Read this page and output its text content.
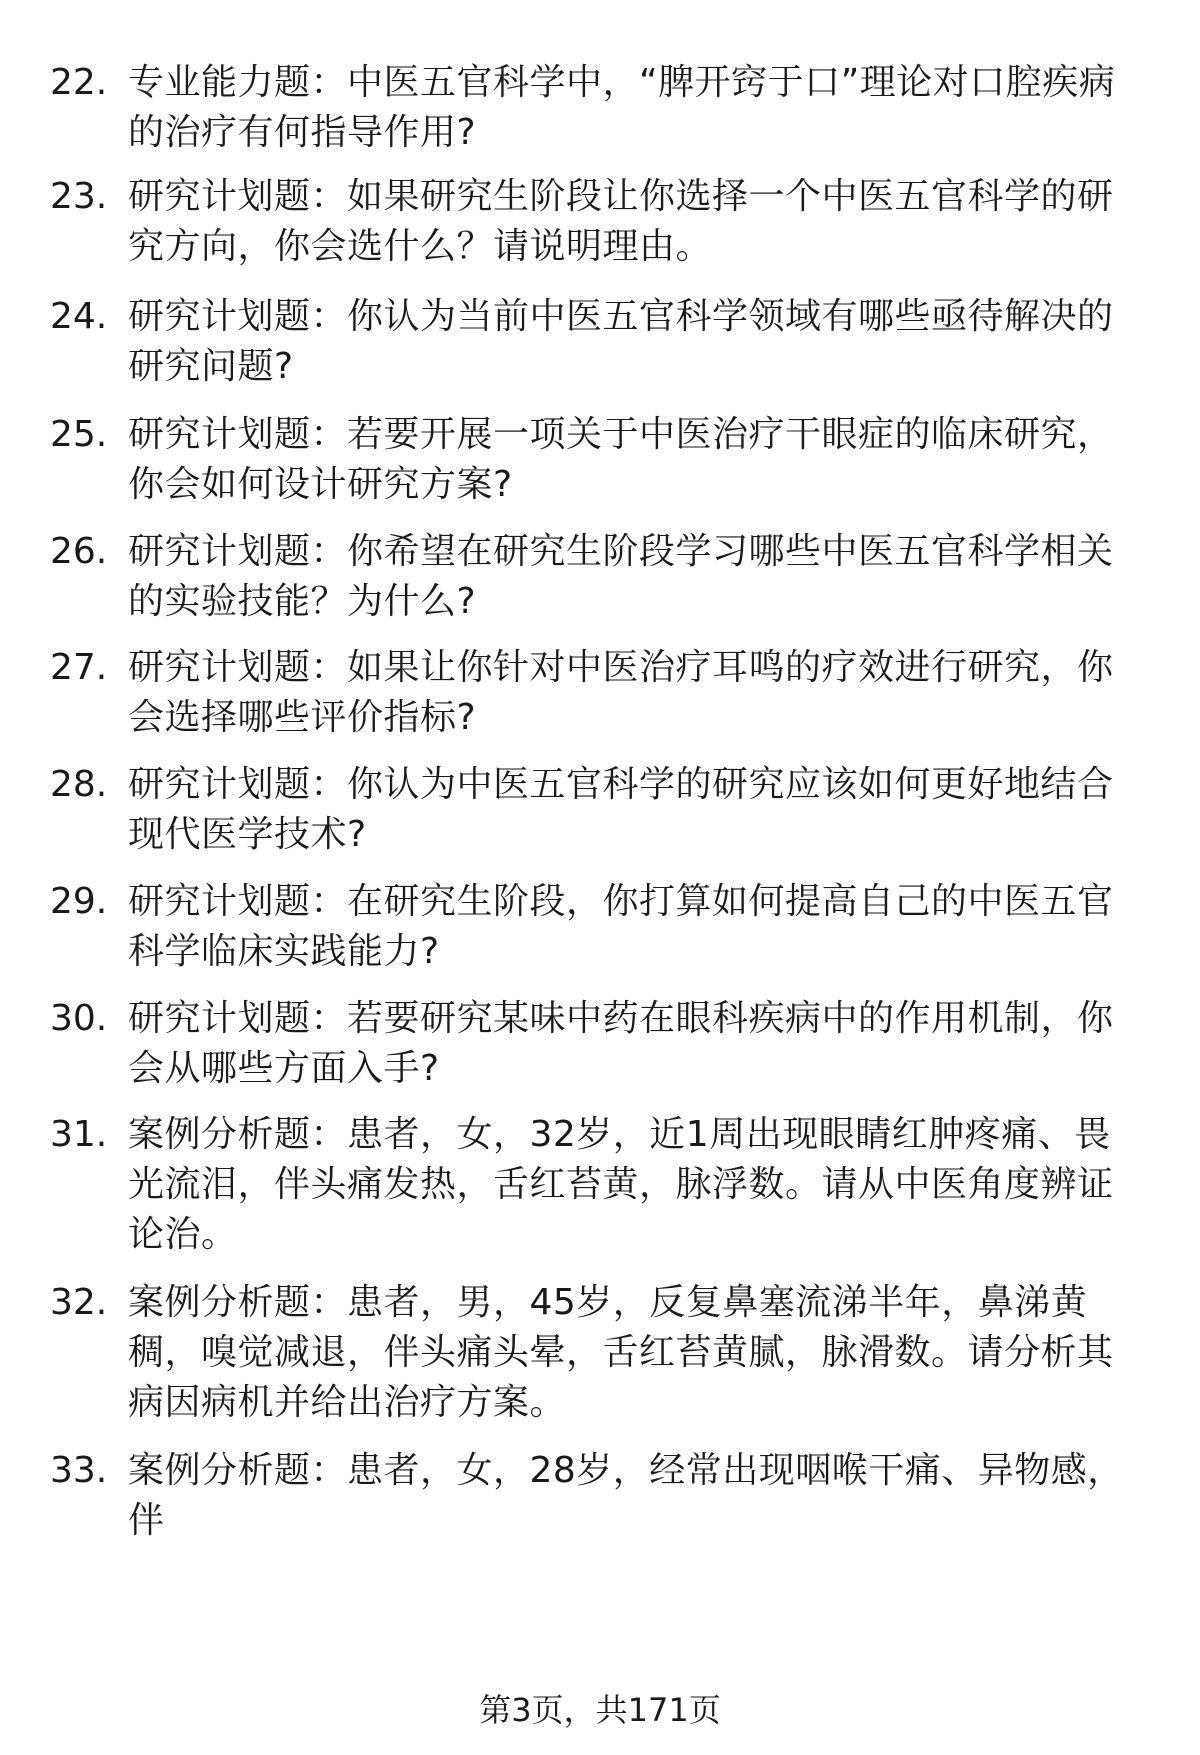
22. 专业能力题：中医五官科学中，“脾开窍于口”理论对口腔疾病的治疗有何指导作用?
23. 研究计划题：如果研究生阶段让你选择一个中医五官科学的研究方向，你会选什么？请说明理由。
24. 研究计划题：你认为当前中医五官科学领域有哪些亟待解决的研究问题?
25. 研究计划题：若要开展一项关于中医治疗干眼症的临床研究，你会如何设计研究方案?
26. 研究计划题：你希望在研究生阶段学习哪些中医五官科学相关的实验技能？为什么?
27. 研究计划题：如果让你针对中医治疗耳鸣的疗效进行研究，你会选择哪些评价指标?
28. 研究计划题：你认为中医五官科学的研究应该如何更好地结合现代医学技术?
29. 研究计划题：在研究生阶段，你打算如何提高自己的中医五官科学临床实践能力?
30. 研究计划题：若要研究某味中药在眼科疾病中的作用机制，你会从哪些方面入手?
31. 案例分析题：患者，女，32岁，近1周出现眼睛红肿疼痛、畏光流泪，伴头痛发热，舌红苔黄，脉浮数。请从中医角度辨证论治。
32. 案例分析题：患者，男，45岁，反复鼻塞流涕半年，鼻涕黄稠，嗅觉减退，伴头痛头晕，舌红苔黄腻，脉滑数。请分析其病因病机并给出治疗方案。
33. 案例分析题：患者，女，28岁，经常出现咽喉干痛、异物感，伴
第3页，共171页
